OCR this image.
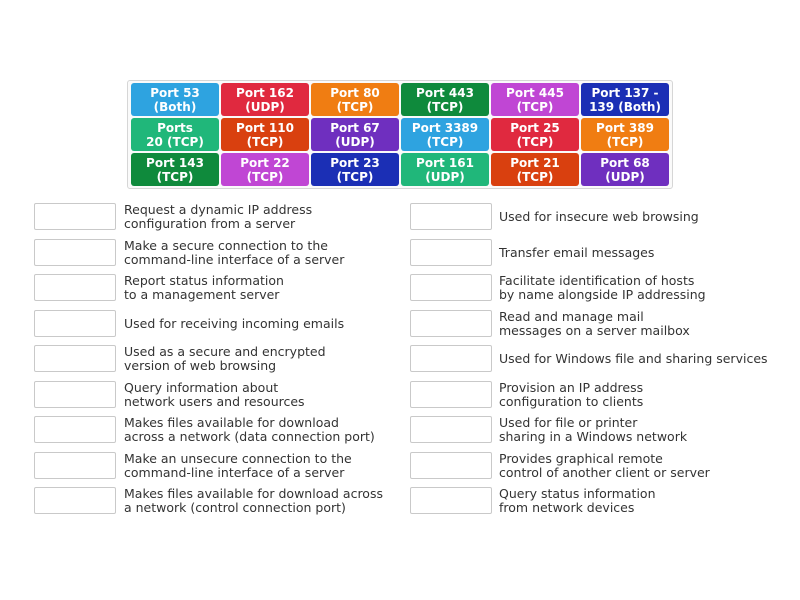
Port 53
(Both)
Port 162
(UDP)
Port 80 (TCP)
Port 443
(TCP)
Port 445
(TCP)
Port 137 -
139 (Both)
Ports
20 (TCP)
Port 110
(TCP)
Port 67
(UDP)
Port 3389
(TCP)
Port 25 (TCP)
Port 389
(TCP)
Port 143
(TCP)
Port 22 (TCP)
Port 23 (TCP)
Port 161
(UDP)
Port 21 (TCP)
Port 68
(UDP)
Request a dynamic IP address
configuration from a server
Make a secure connection to the
command-line interface of a server
Report status information
to a management server
Used for receiving incoming emails
Used as a secure and encrypted
version of web browsing
Query information about
network users and resources
Makes files available for download
across a network (data connection port)
Make an unsecure connection to the
command-line interface of a server
Makes files available for download across
a network (control connection port)
Used for insecure web browsing
Transfer email messages
Facilitate identification of hosts
by name alongside IP addressing
Read and manage mail
messages on a server mailbox
Used for Windows file and sharing services
Provision an IP address
configuration to clients
Used for file or printer
sharing in a Windows network
Provides graphical remote
control of another client or server
Query status information
from network devices
